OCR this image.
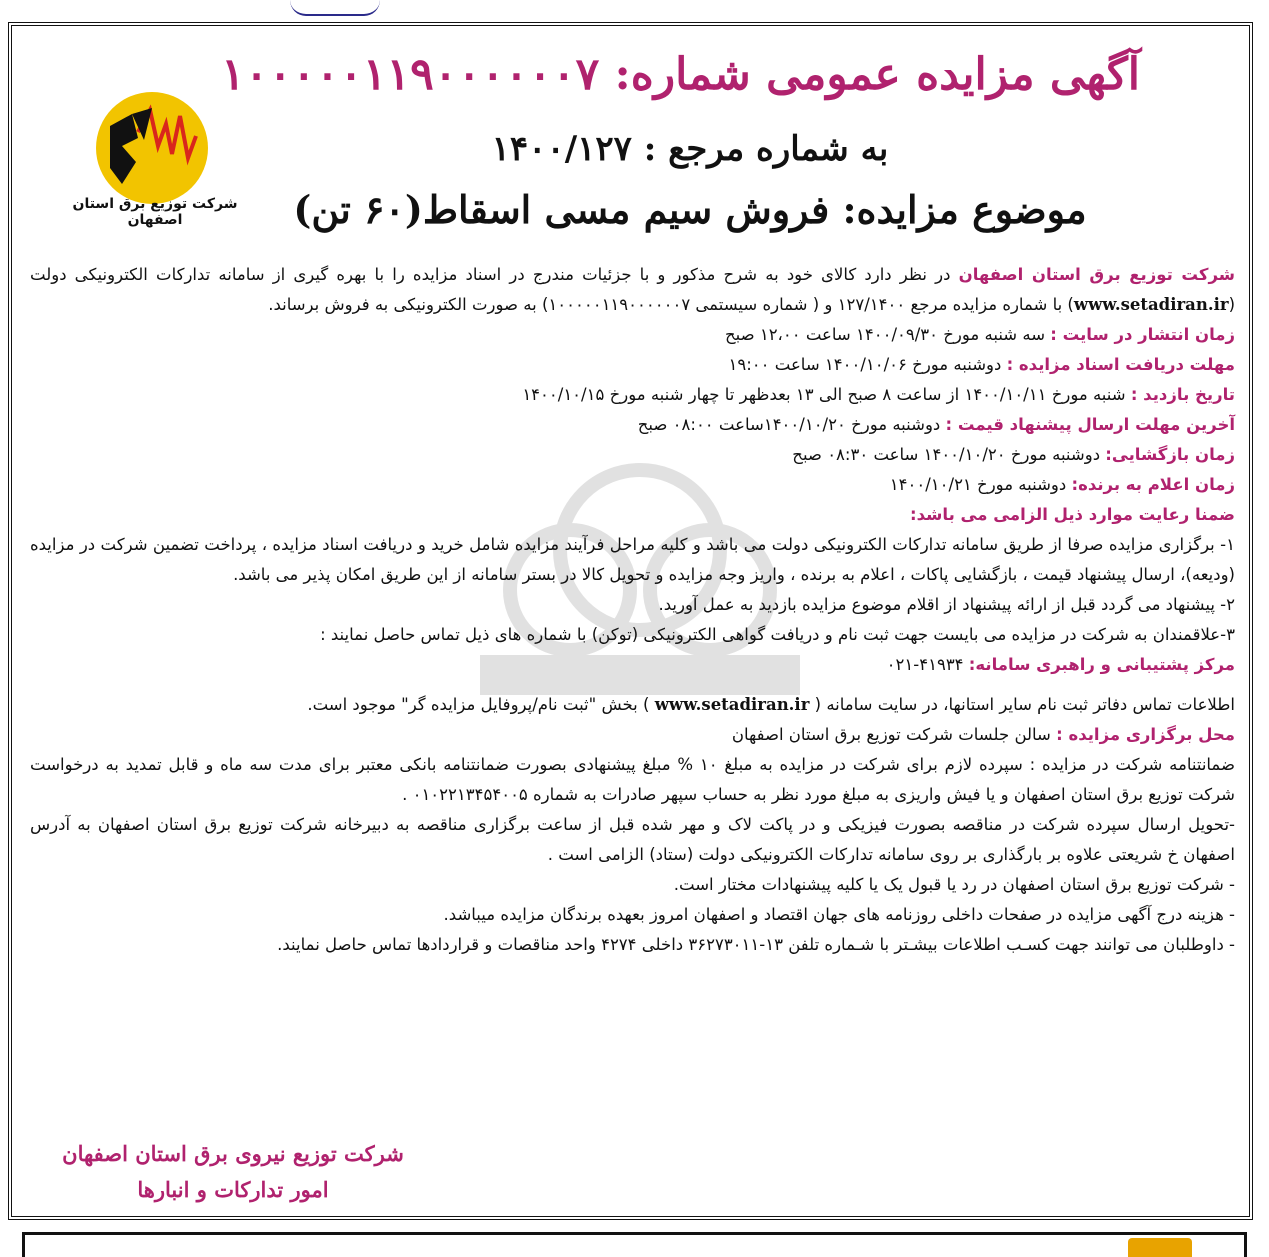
آگهی مزایده عمومی شماره: ۱۰۰۰۰۰۱۱۹۰۰۰۰۰۰۷
به شماره مرجع : ۱۴۰۰/۱۲۷
موضوع مزایده: فروش سیم مسی اسقاط(۶۰ تن)
شرکت توزیع برق استان اصفهان

شرکت توزیع برق استان اصفهان در نظر دارد کالای خود به شرح مذکور و با جزئیات مندرج در اسناد مزایده را با بهره گیری از سامانه تدارکات الکترونیکی دولت (www.setadiran.ir) با شماره مزایده مرجع ۱۲۷/۱۴۰۰ و ( شماره سیستمی ۱۰۰۰۰۰۱۱۹۰۰۰۰۰۰۷) به صورت الکترونیکی به فروش برساند.

زمان انتشار در سایت : سه شنبه مورخ ۱۴۰۰/۰۹/۳۰ ساعت ۱۲،۰۰ صبح

مهلت دریافت اسناد مزایده : دوشنبه مورخ ۱۴۰۰/۱۰/۰۶ ساعت ۱۹:۰۰

تاریخ بازدید : شنبه مورخ ۱۴۰۰/۱۰/۱۱ از ساعت ۸ صبح الی ۱۳ بعدظهر تا چهار شنبه مورخ ۱۴۰۰/۱۰/۱۵

آخرین مهلت ارسال پیشنهاد قیمت : دوشنبه مورخ ۱۴۰۰/۱۰/۲۰ساعت ۰۸:۰۰ صبح

زمان بازگشایی: دوشنبه مورخ ۱۴۰۰/۱۰/۲۰ ساعت ۰۸:۳۰ صبح

زمان اعلام به برنده: دوشنبه مورخ ۱۴۰۰/۱۰/۲۱

ضمنا رعایت موارد ذیل الزامی می باشد:

۱- برگزاری مزایده صرفا از طریق سامانه تدارکات الکترونیکی دولت می باشد و کلیه مراحل فرآیند مزایده شامل خرید و دریافت اسناد مزایده ، پرداخت تضمین شرکت در مزایده (ودیعه)، ارسال پیشنهاد قیمت ، بازگشایی پاکات ، اعلام به برنده ، واریز وجه مزایده و تحویل کالا در بستر سامانه از این طریق امکان پذیر می باشد.

۲- پیشنهاد می گردد قبل از ارائه پیشنهاد از اقلام موضوع مزایده بازدید به عمل آورید.

۳-علاقمندان به شرکت در مزایده می بایست جهت ثبت نام و دریافت گواهی الکترونیکی (توکن) با شماره های ذیل تماس حاصل نمایند :

مرکز پشتیبانی و راهبری سامانه: ۴۱۹۳۴-۰۲۱

اطلاعات تماس دفاتر ثبت نام سایر استانها، در سایت سامانه ( www.setadiran.ir ) بخش "ثبت نام/پروفایل مزایده گر" موجود است.

محل برگزاری مزایده : سالن جلسات شرکت توزیع برق استان اصفهان

ضمانتنامه شرکت در مزایده : سپرده لازم برای شرکت در مزایده به مبلغ ۱۰ % مبلغ پیشنهادی بصورت ضمانتنامه بانکی معتبر برای مدت سه ماه و قابل تمدید به درخواست شرکت توزیع برق استان اصفهان و یا فیش واریزی به مبلغ مورد نظر به حساب سپهر صادرات به شماره ۰۱۰۲۲۱۳۴۵۴۰۰۵ .

-تحویل ارسال سپرده شرکت در مناقصه بصورت فیزیکی و در پاکت لاک و مهر شده قبل از ساعت برگزاری مناقصه به دبیرخانه شرکت توزیع برق استان اصفهان به آدرس اصفهان خ شریعتی علاوه بر بارگذاری بر روی سامانه تدارکات الکترونیکی دولت (ستاد) الزامی است .

- شرکت توزیع برق استان اصفهان در رد یا قبول یک یا کلیه پیشنهادات مختار است.

- هزینه درج آگهی مزایده در صفحات داخلی روزنامه های جهان اقتصاد و اصفهان امروز بعهده برندگان مزایده میباشد.

- داوطلبان می توانند جهت کسـب اطلاعات بیشـتر با شـماره تلفن ۱۳-۳۶۲۷۳۰۱۱ داخلی ۴۲۷۴ واحد مناقصات و قراردادها تماس حاصل نمایند.

شرکت توزیع نیروی برق استان اصفهان
امور تدارکات و انبارها
